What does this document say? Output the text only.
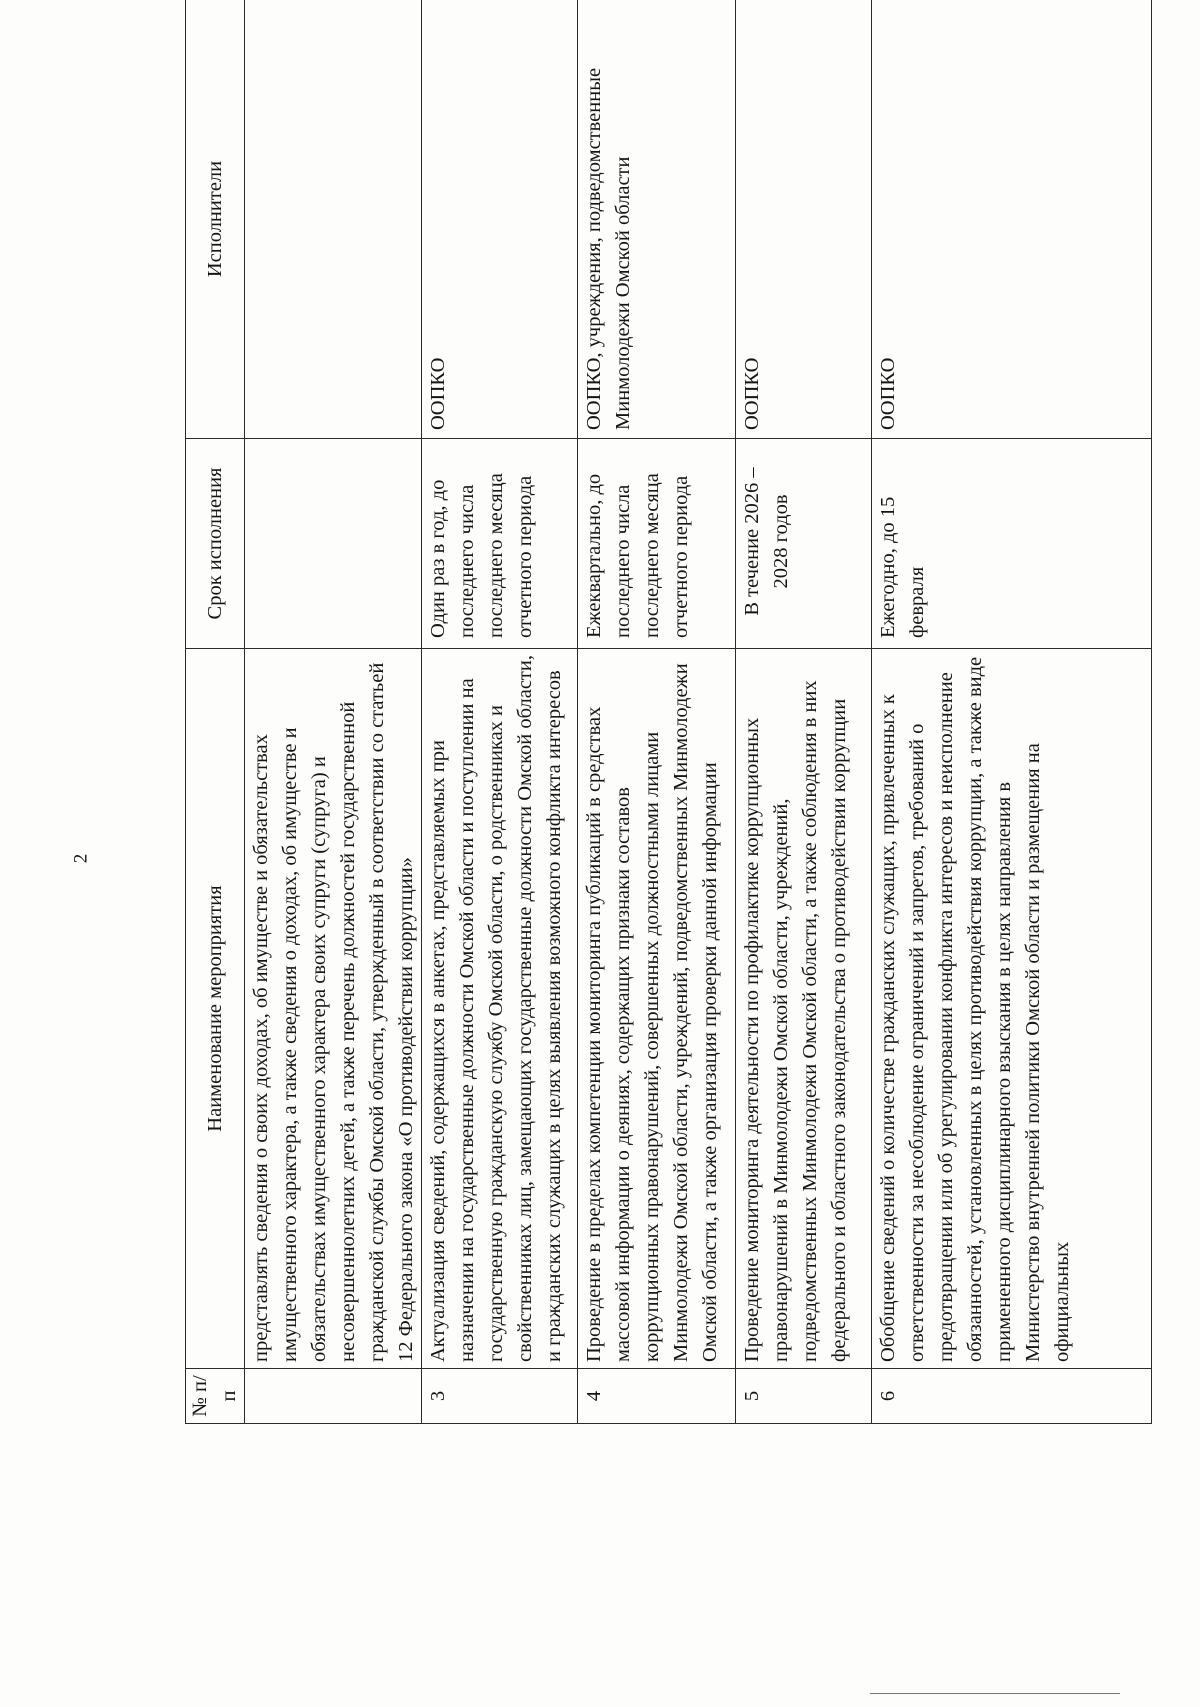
2
№ п/п	Наименование мероприятия	Срок исполнения	Исполнители
	представлять сведения о своих доходах, об имуществе и обязательствах имущественного характера, а также сведения о доходах, об имуществе и обязательствах имущественного характера своих супруги (супруга) и несовершеннолетних детей, а также перечень должностей государственной гражданской службы Омской области, утвержденный в соответствии со статьей 12 Федерального закона «О противодействии коррупции»		
3	Актуализация сведений, содержащихся в анкетах, представляемых при назначении на государственные должности Омской области и поступлении на государственную гражданскую службу Омской области, о родственниках и свойственниках лиц, замещающих государственные должности Омской области, и гражданских служащих в целях выявления возможного конфликта интересов	Один раз в год, до последнего числа последнего месяца отчетного периода	ООПКО
4	Проведение в пределах компетенции мониторинга публикаций в средствах массовой информации о деяниях, содержащих признаки составов коррупционных правонарушений, совершенных должностными лицами Минмолодежи Омской области, учреждений, подведомственных Минмолодежи Омской области, а также организация проверки данной информации	Ежеквартально, до последнего числа последнего месяца отчетного периода	ООПКО, учреждения, подведомственные Минмолодежи Омской области
5	Проведение мониторинга деятельности по профилактике коррупционных правонарушений в Минмолодежи Омской области, учреждений, подведомственных Минмолодежи Омской области, а также соблюдения в них федерального и областного законодательства о противодействии коррупции	В течение 2026 – 2028 годов	ООПКО
6	Обобщение сведений о количестве гражданских служащих, привлеченных к ответственности за несоблюдение ограничений и запретов, требований о предотвращении или об урегулировании конфликта интересов и неисполнение обязанностей, установленных в целях противодействия коррупции, а также виде примененного дисциплинарного взыскания в целях направления в Министерство внутренней политики Омской области и размещения на официальных	Ежегодно, до 15 февраля	ООПКО
